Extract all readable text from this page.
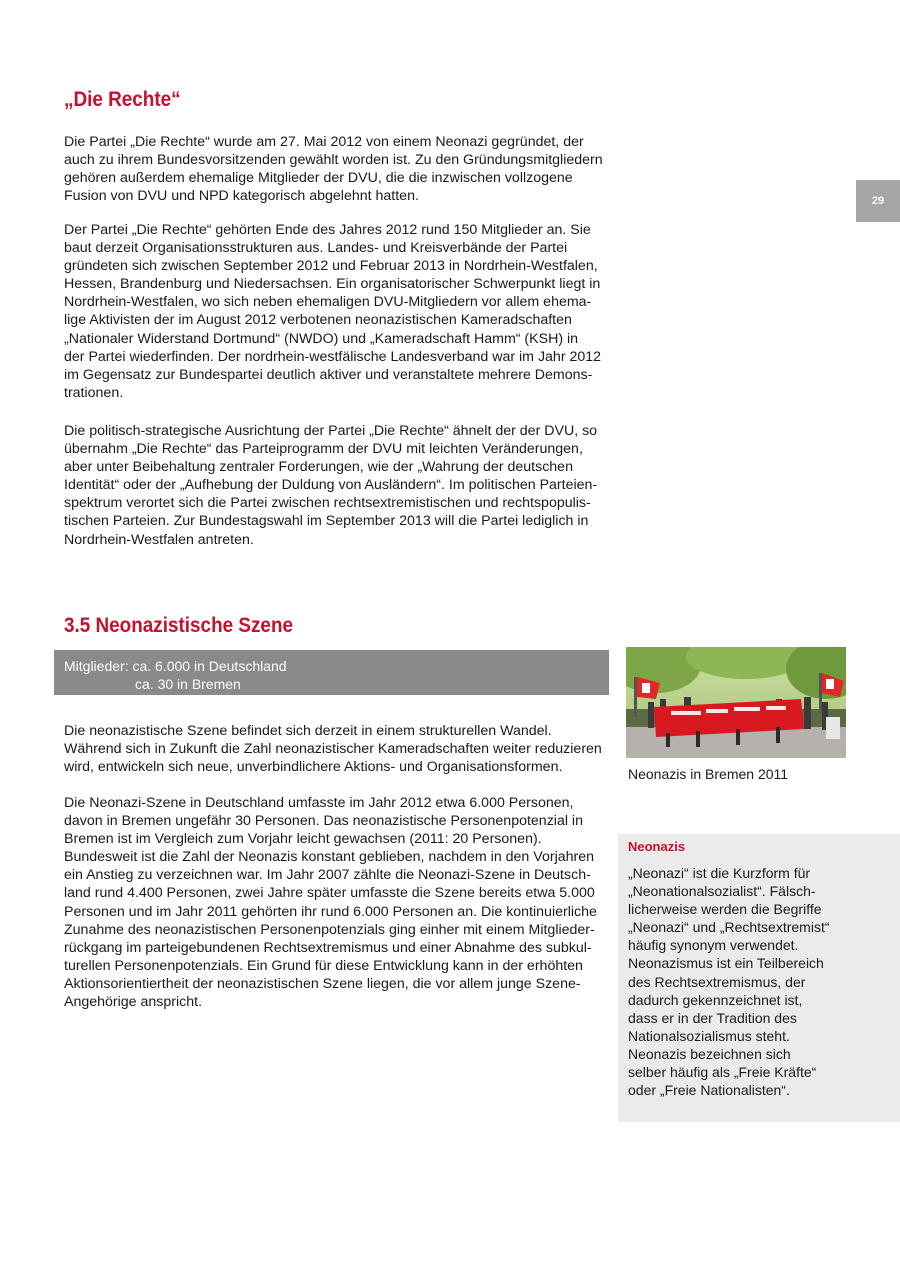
29
„Die Rechte“

Die Partei „Die Rechte“ wurde am 27. Mai 2012 von einem Neonazi gegründet, der
auch zu ihrem Bundesvorsitzenden gewählt worden ist. Zu den Gründungsmitgliedern
gehören außerdem ehemalige Mitglieder der DVU, die die inzwischen vollzogene
Fusion von DVU und NPD kategorisch abgelehnt hatten.

Der Partei „Die Rechte“ gehörten Ende des Jahres 2012 rund 150 Mitglieder an. Sie
baut derzeit Organisationsstrukturen aus. Landes- und Kreisverbände der Partei
gründeten sich zwischen September 2012 und Februar 2013 in Nordrhein-Westfalen,
Hessen, Brandenburg und Niedersachsen. Ein organisatorischer Schwerpunkt liegt in
Nordrhein-Westfalen, wo sich neben ehemaligen DVU-Mitgliedern vor allem ehema-
lige Aktivisten der im August 2012 verbotenen neonazistischen Kameradschaften
„Nationaler Widerstand Dortmund“ (NWDO) und „Kameradschaft Hamm“ (KSH) in
der Partei wiederfinden. Der nordrhein-westfälische Landesverband war im Jahr 2012
im Gegensatz zur Bundespartei deutlich aktiver und veranstaltete mehrere Demons-
trationen.

Die politisch-strategische Ausrichtung der Partei „Die Rechte“ ähnelt der der DVU, so
übernahm „Die Rechte“ das Parteiprogramm der DVU mit leichten Veränderungen,
aber unter Beibehaltung zentraler Forderungen, wie der „Wahrung der deutschen
Identität“ oder der „Aufhebung der Duldung von Ausländern“. Im politischen Parteien-
spektrum verortet sich die Partei zwischen rechtsextremistischen und rechtspopulis-
tischen Parteien. Zur Bundestagswahl im September 2013 will die Partei lediglich in
Nordrhein-Westfalen antreten.

3.5 Neonazistische Szene
Mitglieder: ca. 6.000 in Deutschland
ca. 30 in Bremen

Die neonazistische Szene befindet sich derzeit in einem strukturellen Wandel.
Während sich in Zukunft die Zahl neonazistischer Kameradschaften weiter reduzieren
wird, entwickeln sich neue, unverbindlichere Aktions- und Organisationsformen.

Die Neonazi-Szene in Deutschland umfasste im Jahr 2012 etwa 6.000 Personen,
davon in Bremen ungefähr 30 Personen. Das neonazistische Personenpotenzial in
Bremen ist im Vergleich zum Vorjahr leicht gewachsen (2011: 20 Personen).
Bundesweit ist die Zahl der Neonazis konstant geblieben, nachdem in den Vorjahren
ein Anstieg zu verzeichnen war. Im Jahr 2007 zählte die Neonazi-Szene in Deutsch-
land rund 4.400 Personen, zwei Jahre später umfasste die Szene bereits etwa 5.000
Personen und im Jahr 2011 gehörten ihr rund 6.000 Personen an. Die kontinuierliche
Zunahme des neonazistischen Personenpotenzials ging einher mit einem Mitglieder-
rückgang im parteigebundenen Rechtsextremismus und einer Abnahme des subkul-
turellen Personenpotenzials. Ein Grund für diese Entwicklung kann in der erhöhten
Aktionsorientiertheit der neonazistischen Szene liegen, die vor allem junge Szene-
Angehörige anspricht.

Neonazis in Bremen 2011

Neonazis

„Neonazi“ ist die Kurzform für
„Neonationalsozialist“. Fälsch-
licherweise werden die Begriffe
„Neonazi“ und „Rechtsextremist“
häufig synonym verwendet.
Neonazismus ist ein Teilbereich
des Rechtsextremismus, der
dadurch gekennzeichnet ist,
dass er in der Tradition des
Nationalsozialismus steht.
Neonazis bezeichnen sich
selber häufig als „Freie Kräfte“
oder „Freie Nationalisten“.
